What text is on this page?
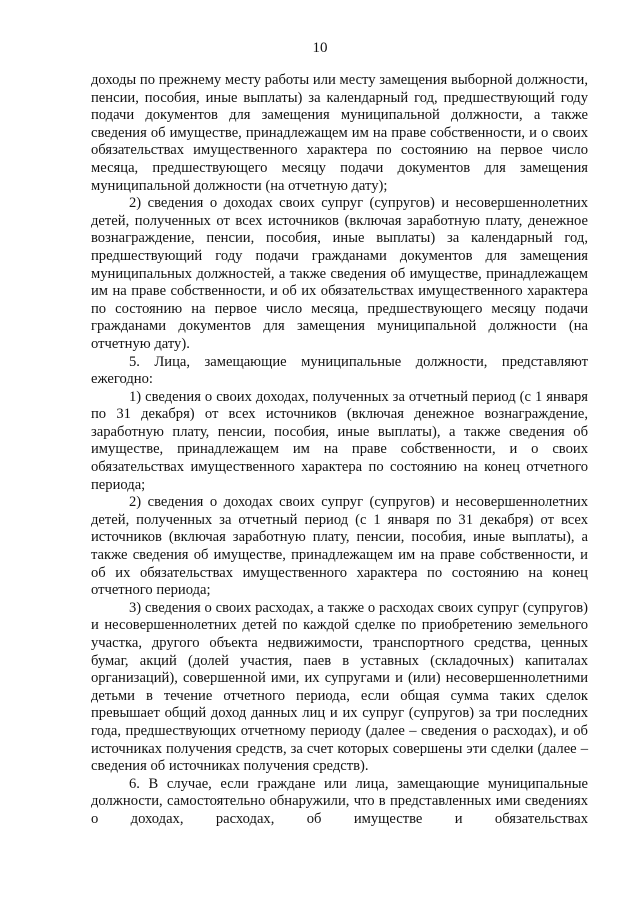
10

доходы по прежнему месту работы или месту замещения выборной должности, пенсии, пособия, иные выплаты) за календарный год, предшествующий году подачи документов для замещения муниципальной должности, а также сведения об имуществе, принадлежащем им на праве собственности, и о своих обязательствах имущественного характера по состоянию на первое число месяца, предшествующего месяцу подачи документов для замещения муниципальной должности (на отчетную дату);

2) сведения о доходах своих супруг (супругов) и несовершеннолетних детей, полученных от всех источников (включая заработную плату, денежное вознаграждение, пенсии, пособия, иные выплаты) за календарный год, предшествующий году подачи гражданами документов для замещения муниципальных должностей, а также сведения об имуществе, принадлежащем им на праве собственности, и об их обязательствах имущественного характера по состоянию на первое число месяца, предшествующего месяцу подачи гражданами документов для замещения муниципальной должности (на отчетную дату).

5. Лица, замещающие муниципальные должности, представляют ежегодно:

1) сведения о своих доходах, полученных за отчетный период (с 1 января по 31 декабря) от всех источников (включая денежное вознаграждение, заработную плату, пенсии, пособия, иные выплаты), а также сведения об имуществе, принадлежащем им на праве собственности, и о своих обязательствах имущественного характера по состоянию на конец отчетного периода;

2) сведения о доходах своих супруг (супругов) и несовершеннолетних детей, полученных за отчетный период (с 1 января по 31 декабря) от всех источников (включая заработную плату, пенсии, пособия, иные выплаты), а также сведения об имуществе, принадлежащем им на праве собственности, и об их обязательствах имущественного характера по состоянию на конец отчетного периода;

3) сведения о своих расходах, а также о расходах своих супруг (супругов) и несовершеннолетних детей по каждой сделке по приобретению земельного участка, другого объекта недвижимости, транспортного средства, ценных бумаг, акций (долей участия, паев в уставных (складочных) капиталах организаций), совершенной ими, их супругами и (или) несовершеннолетними детьми в течение отчетного периода, если общая сумма таких сделок превышает общий доход данных лиц и их супруг (супругов) за три последних года, предшествующих отчетному периоду (далее – сведения о расходах), и об источниках получения средств, за счет которых совершены эти сделки (далее – сведения об источниках получения средств).

6. В случае, если граждане или лица, замещающие муниципальные должности, самостоятельно обнаружили, что в представленных ими сведениях о доходах, расходах, об имуществе и обязательствах
